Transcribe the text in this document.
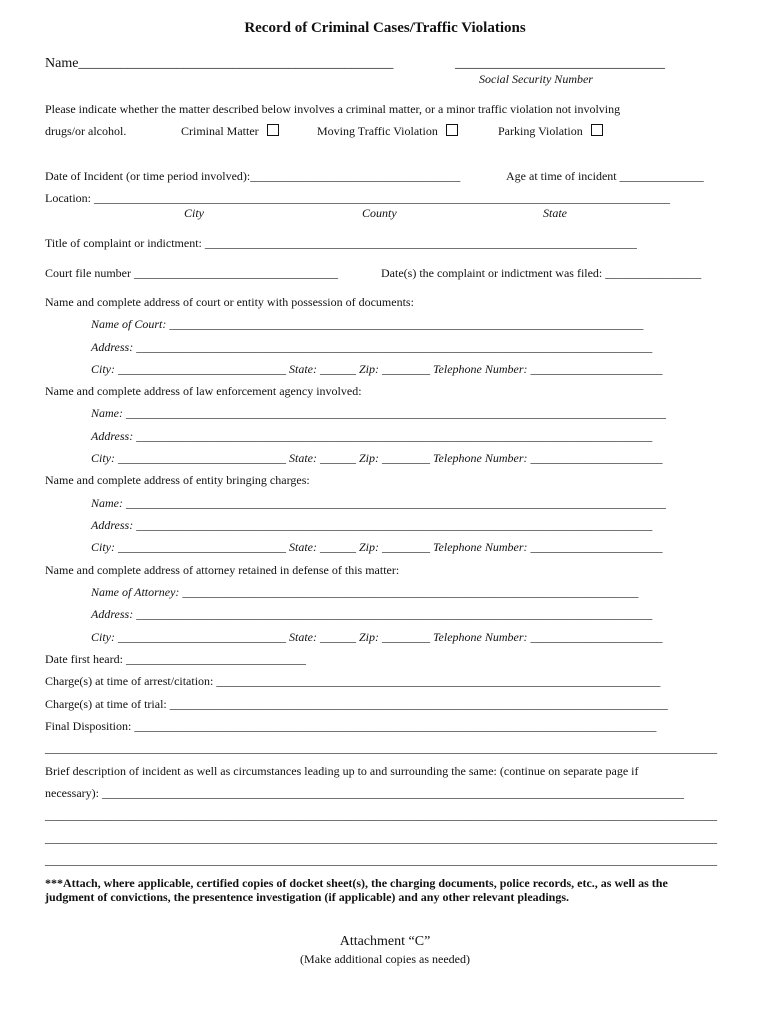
Record of Criminal Cases/Traffic Violations
Name_____________________________________________	______________________________
Social Security Number
Please indicate whether the matter described below involves a criminal matter, or a minor traffic violation not involving
drugs/or alcohol.	Criminal Matter	Moving Traffic Violation	Parking Violation
Date of Incident (or time period involved):___________________________________	Age at time of incident ______________
Location: ________________________________________________________________________________________________
City	County	State
Title of complaint or indictment: ________________________________________________________________________
Court file number __________________________________	Date(s) the complaint or indictment was filed: ________________
Name and complete address of court or entity with possession of documents:
Name of Court: _______________________________________________________________________________
Address: ______________________________________________________________________________________
City: ____________________________ State: ______ Zip: ________ Telephone Number: ______________________
Name and complete address of law enforcement agency involved:
Name: __________________________________________________________________________________________
Address: ______________________________________________________________________________________
City: ____________________________ State: ______ Zip: ________ Telephone Number: ______________________
Name and complete address of entity bringing charges:
Name: __________________________________________________________________________________________
Address: ______________________________________________________________________________________
City: ____________________________ State: ______ Zip: ________ Telephone Number: ______________________
Name and complete address of attorney retained in defense of this matter:
Name of Attorney: ____________________________________________________________________________
Address: ______________________________________________________________________________________
City: ____________________________ State: ______ Zip: ________ Telephone Number: ______________________
Date first heard: ______________________________
Charge(s) at time of arrest/citation: __________________________________________________________________________
Charge(s) at time of trial: ___________________________________________________________________________________
Final Disposition: _______________________________________________________________________________________
________________________________________________________________________________________________________________
Brief description of incident as well as circumstances leading up to and surrounding the same: (continue on separate page if
necessary): _________________________________________________________________________________________________
________________________________________________________________________________________________________________
________________________________________________________________________________________________________________
________________________________________________________________________________________________________________
***Attach, where applicable, certified copies of docket sheet(s), the charging documents, police records, etc., as well as the
judgment of convictions, the presentence investigation (if applicable) and any other relevant pleadings.
Attachment “C”
(Make additional copies as needed)
